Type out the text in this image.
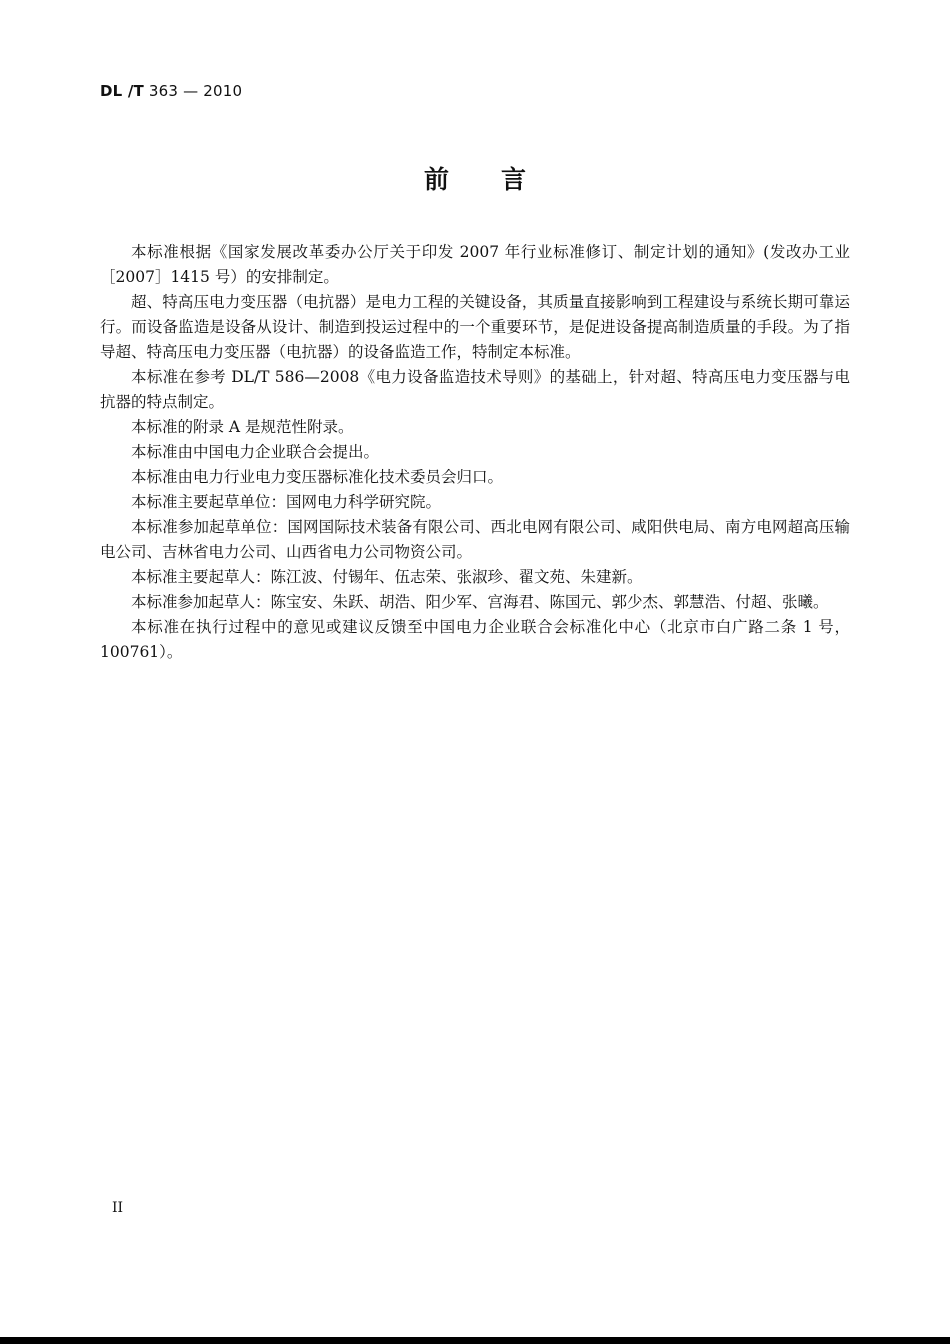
DL /T 363 — 2010
前言

本标准根据《国家发展改革委办公厅关于印发 2007 年行业标准修订、制定计划的通知》(发改办工业［2007］1415 号）的安排制定。

超、特高压电力变压器（电抗器）是电力工程的关键设备，其质量直接影响到工程建设与系统长期可靠运行。而设备监造是设备从设计、制造到投运过程中的一个重要环节，是促进设备提高制造质量的手段。为了指导超、特高压电力变压器（电抗器）的设备监造工作，特制定本标准。

本标准在参考 DL/T 586—2008《电力设备监造技术导则》的基础上，针对超、特高压电力变压器与电抗器的特点制定。

本标准的附录 A 是规范性附录。

本标准由中国电力企业联合会提出。

本标准由电力行业电力变压器标准化技术委员会归口。

本标准主要起草单位：国网电力科学研究院。

本标准参加起草单位：国网国际技术装备有限公司、西北电网有限公司、咸阳供电局、南方电网超高压输电公司、吉林省电力公司、山西省电力公司物资公司。

本标准主要起草人：陈江波、付锡年、伍志荣、张淑珍、翟文苑、朱建新。

本标准参加起草人：陈宝安、朱跃、胡浩、阳少军、宫海君、陈国元、郭少杰、郭慧浩、付超、张曦。

本标准在执行过程中的意见或建议反馈至中国电力企业联合会标准化中心（北京市白广路二条 1 号，100761）。

II
